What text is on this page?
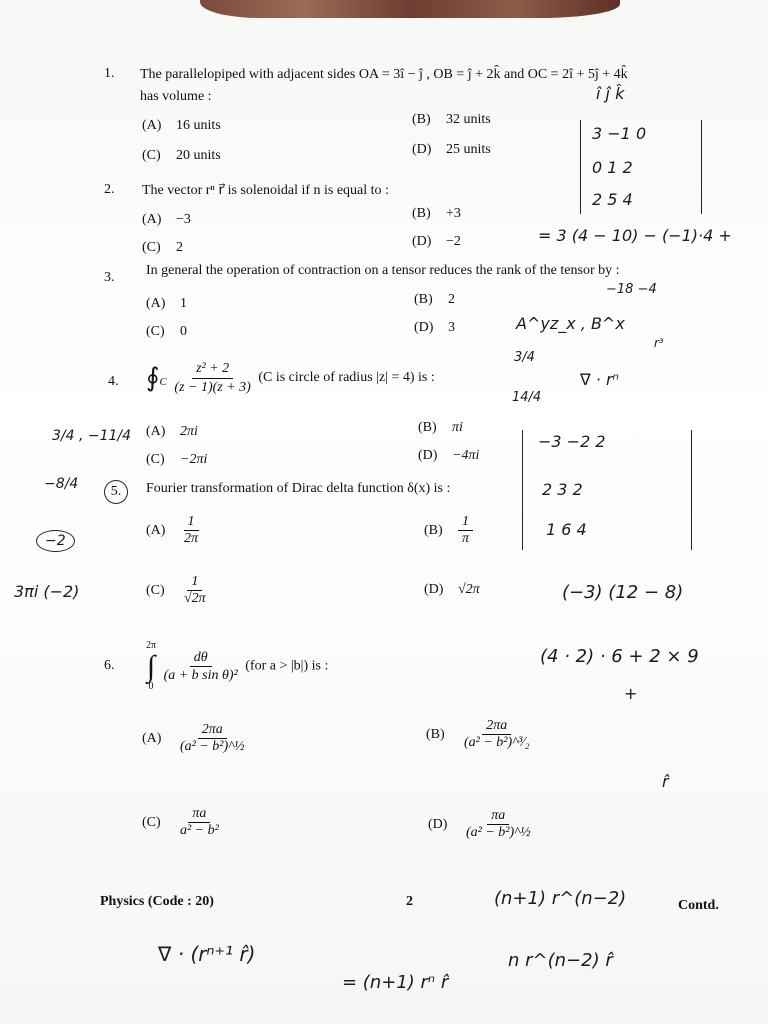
1. The parallelopiped with adjacent sides OA = 3î − ĵ , OB = ĵ + 2k̂ and OC = 2î + 5ĵ + 4k̂
has volume :
(A) 16 units	(B) 32 units
(C) 20 units	(D) 25 units
2. The vector rⁿ r⃗ is solenoidal if n is equal to :
(A) −3	(B) +3
(C) 2	(D) −2
3. In general the operation of contraction on a tensor reduces the rank of the tensor by :
(A) 1	(B) 2
(C) 0	(D) 3
4. $∮_C \frac{\text{z² + 2}}{(z - 1)(z + 3)} (C$ is circle of radius |z| = 4) is :
(A) 2πi	(B) πi
(C) −2πi	(D) −4πi
5.	Fourier transformation of Dirac delta function δ(x) is :
$(A) \frac{1}{2\pi}$	$(B) \frac{1}{\pi}$
$(C) \frac{1}{√2\pi}$	(D) √2π
6.
2π
∫
0

$\frac{d\theta}{\text{(a + b sin θ)²}} (for$ a > |b|) is :
$(A) \frac{2\pi a}{\text{(a² − b²)\textasciicircum{}½}}$	$(B) \frac{2\pi a}{\text{(a² − b²)\textasciicircum{}³⁄₂}}$
$(C) \frac{\pi a}{\text{a² − b²}}$	$(D) \frac{\pi a}{\text{(a² − b²)\textasciicircum{}½}}$
Physics (Code : 20)	2	Contd.
î ĵ k̂
3 −1 0
0 1 2
2 5 4
= 3 (4 − 10) − (−1)·4 +
−18 −4
A^yz_x , B^x
r³
3/4
14/4
∇ · rⁿ
3/4 , −11/4
−8/4
−3 −2 2
2 3 2
1 6 4
−2
3πi (−2)	(−3) (12 − 8)
(4 · 2) · 6 + 2 × 9
+
r̂
(n+1) r^(n−2)
∇ · (rⁿ⁺¹ r̂)
= (n+1) rⁿ r̂
n r^(n−2) r̂
